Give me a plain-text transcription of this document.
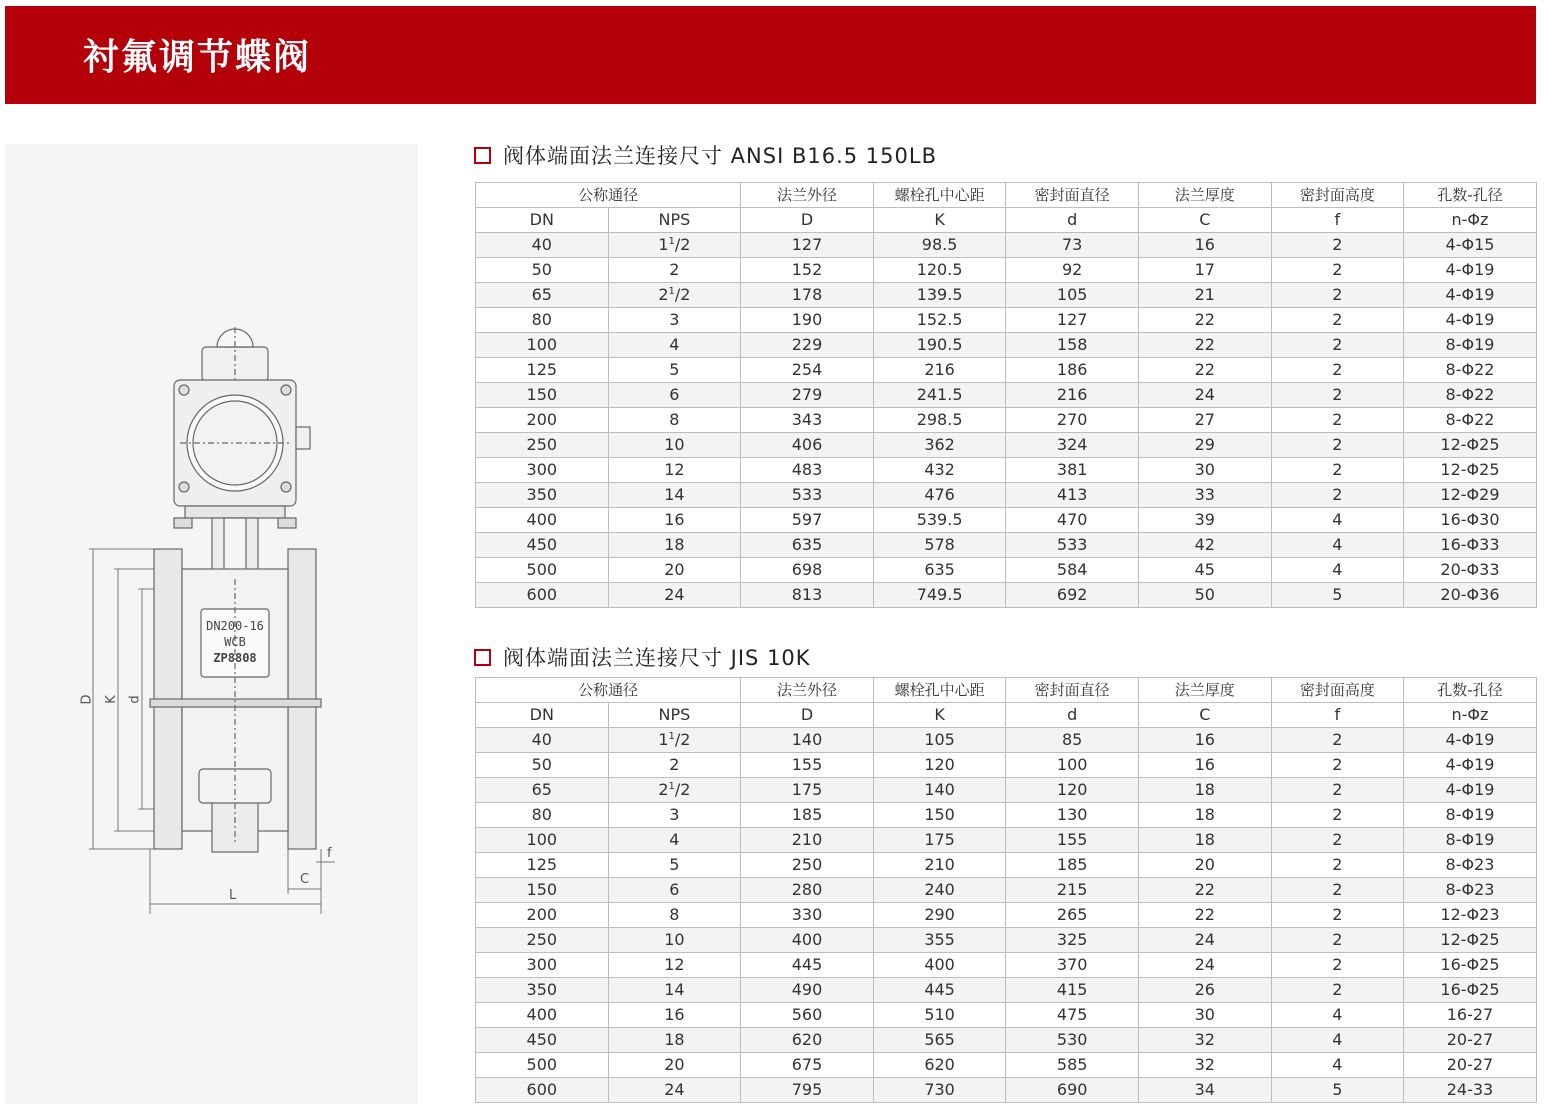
衬氟调节蝶阀
D K d
L
C
f
DN200-16
WCB
ZP8808
阀体端面法兰连接尺寸 ANSI B16.5 150LB
公称通径		法兰外径	螺栓孔中心距	密封面直径	法兰厚度	密封面高度	孔数-孔径
DN	NPS	D	K	d	C	f	n-Φz
40	$1^1/2$	127	98.5	73	16	2	4-Φ15
50	2	152	120.5	92	17	2	4-Φ19
65	$2^1/2$	178	139.5	105	21	2	4-Φ19
80	3	190	152.5	127	22	2	4-Φ19
100	4	229	190.5	158	22	2	8-Φ19
125	5	254	216	186	22	2	8-Φ22
150	6	279	241.5	216	24	2	8-Φ22
200	8	343	298.5	270	27	2	8-Φ22
250	10	406	362	324	29	2	12-Φ25
300	12	483	432	381	30	2	12-Φ25
350	14	533	476	413	33	2	12-Φ29
400	16	597	539.5	470	39	4	16-Φ30
450	18	635	578	533	42	4	16-Φ33
500	20	698	635	584	45	4	20-Φ33
600	24	813	749.5	692	50	5	20-Φ36
阀体端面法兰连接尺寸 JIS 10K
公称通径		法兰外径	螺栓孔中心距	密封面直径	法兰厚度	密封面高度	孔数-孔径
DN	NPS	D	K	d	C	f	n-Φz
40	$1^1/2$	140	105	85	16	2	4-Φ19
50	2	155	120	100	16	2	4-Φ19
65	$2^1/2$	175	140	120	18	2	4-Φ19
80	3	185	150	130	18	2	8-Φ19
100	4	210	175	155	18	2	8-Φ19
125	5	250	210	185	20	2	8-Φ23
150	6	280	240	215	22	2	8-Φ23
200	8	330	290	265	22	2	12-Φ23
250	10	400	355	325	24	2	12-Φ25
300	12	445	400	370	24	2	16-Φ25
350	14	490	445	415	26	2	16-Φ25
400	16	560	510	475	30	4	16-27
450	18	620	565	530	32	4	20-27
500	20	675	620	585	32	4	20-27
600	24	795	730	690	34	5	24-33
